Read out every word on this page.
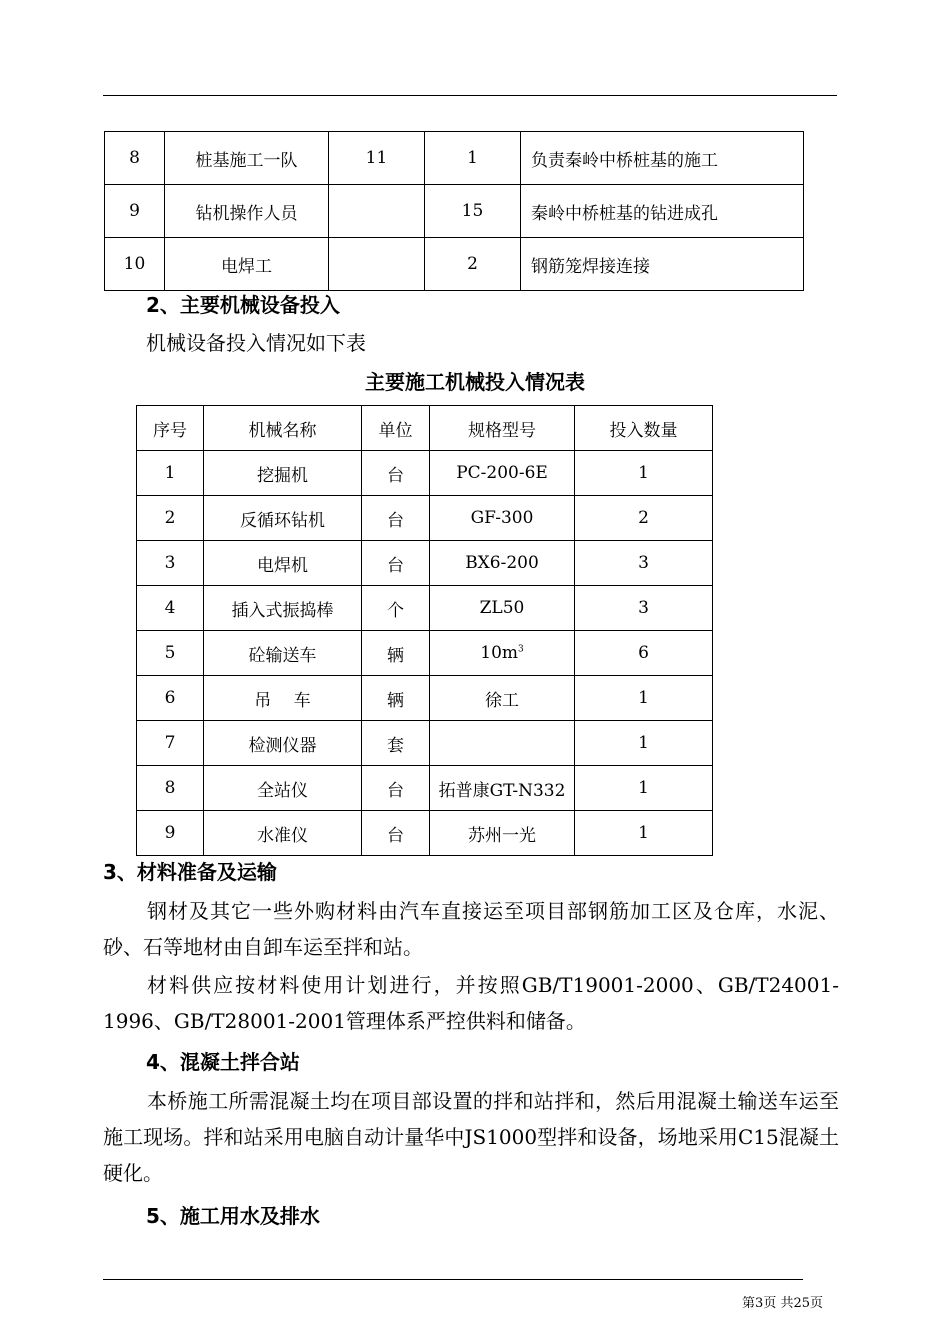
8	桩基施工一队	11	1	负责秦岭中桥桩基的施工
9	钻机操作人员		15	秦岭中桥桩基的钻进成孔
10	电焊工		2	钢筋笼焊接连接
2、主要机械设备投入
机械设备投入情况如下表
主要施工机械投入情况表
序号	机械名称	单位	规格型号	投入数量
1	挖掘机	台	PC-200-6E	1
2	反循环钻机	台	GF-300	2
3	电焊机	台	BX6-200	3
4	插入式振捣棒	个	ZL50	3
5	砼输送车	辆	$10m^3$	6
6	吊　 车	辆	徐工	1
7	检测仪器	套		1
8	全站仪	台	拓普康GT-N332	1
9	水准仪	台	苏州一光	1
3、材料准备及运输
钢材及其它一些外购材料由汽车直接运至项目部钢筋加工区及仓库，水泥、砂、石等地材由自卸车运至拌和站。
材料供应按材料使用计划进行，并按照GB/T19001-2000、GB/T24001-1996、GB/T28001-2001管理体系严控供料和储备。
4、混凝土拌合站
本桥施工所需混凝土均在项目部设置的拌和站拌和，然后用混凝土输送车运至施工现场。拌和站采用电脑自动计量华中JS1000型拌和设备，场地采用C15混凝土硬化。
5、施工用水及排水
第3页 共25页
